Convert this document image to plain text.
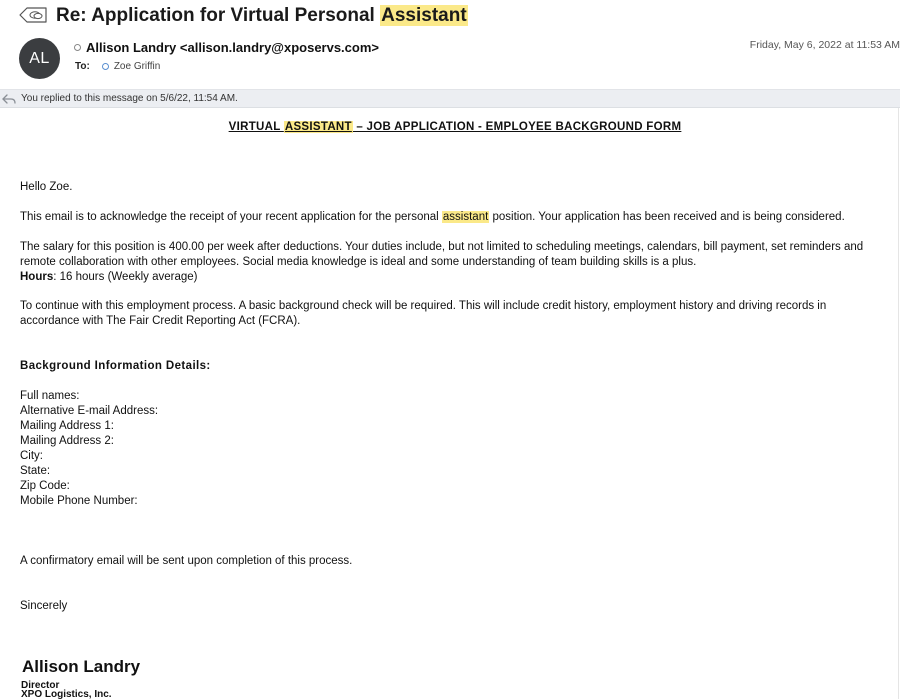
Re: Application for Virtual Personal Assistant
AL
Allison Landry <allison.landry@xposervs.com>
To: Zoe Griffin
Friday, May 6, 2022 at 11:53 AM
You replied to this message on 5/6/22, 11:54 AM.
VIRTUAL ASSISTANT – JOB APPLICATION - EMPLOYEE BACKGROUND FORM
Hello Zoe.
This email is to acknowledge the receipt of your recent application for the personal assistant position. Your application has been received and is being considered.
The salary for this position is 400.00 per week after deductions. Your duties include, but not limited to scheduling meetings, calendars, bill payment, set reminders and remote collaboration with other employees. Social media knowledge is ideal and some understanding of team building skills is a plus.
Hours: 16 hours (Weekly average)
To continue with this employment process. A basic background check will be required. This will include credit history, employment history and driving records in accordance with The Fair Credit Reporting Act (FCRA).
Background Information Details:
Full names:
Alternative E-mail Address:
Mailing Address 1:
Mailing Address 2:
City:
State:
Zip Code:
Mobile Phone Number:
A confirmatory email will be sent upon completion of this process.
Sincerely
Allison Landry
Director
XPO Logistics, Inc.
